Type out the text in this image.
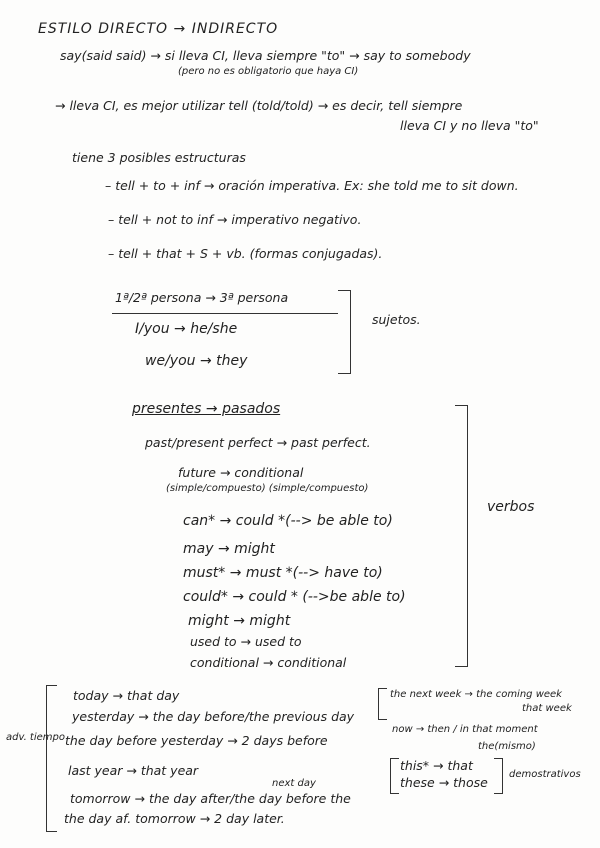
ESTILO DIRECTO → INDIRECTO
say(said said) → si lleva CI, lleva siempre "to" → say to somebody
(pero no es obligatorio que haya CI)
→ lleva CI, es mejor utilizar tell (told/told) → es decir, tell siempre
lleva CI y no lleva "to"
tiene 3 posibles estructuras
– tell + to + inf → oración imperativa. Ex: she told me to sit down.
– tell + not to inf → imperativo negativo.
– tell + that + S + vb. (formas conjugadas).
1ª/2ª persona → 3ª persona
I/you → he/she
we/you → they
sujetos.
presentes → pasados
past/present perfect → past perfect.
future → conditional
(simple/compuesto) (simple/compuesto)
can* → could *(--> be able to)
may → might
must* → must *(--> have to)
could* → could * (-->be able to)
might → might
used to → used to
conditional → conditional
verbos
adv. tiempo
today → that day
yesterday → the day before/the previous day
the day before yesterday → 2 days before
last year → that year
tomorrow → the day after/the day before the
next day
the day af. tomorrow → 2 day later.
the next week → the coming week
that week
now → then / in that moment
the(mismo)
this* → that
these → those
demostrativos
